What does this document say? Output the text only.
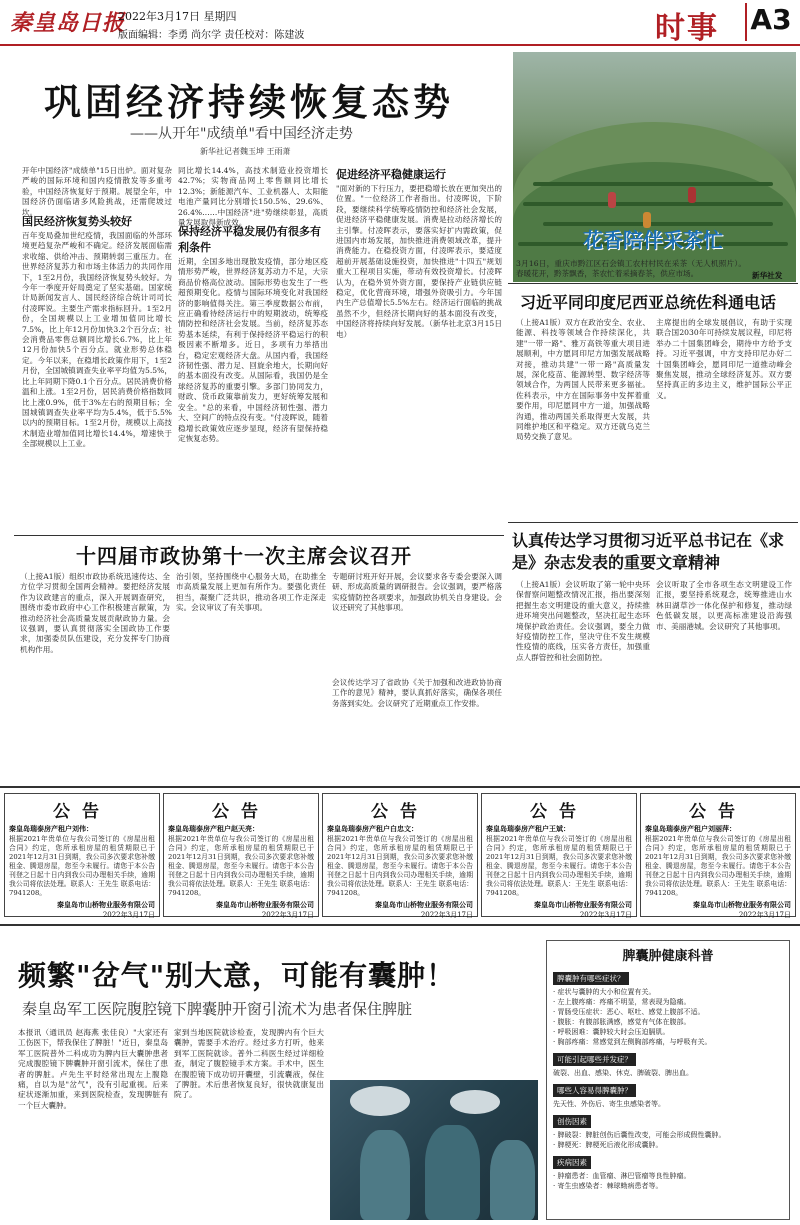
秦皇岛日报
2022年3月17日 星期四
版面编辑：李勇 尚尔学 责任校对：陈建波	时事 A3
巩固经济持续恢复态势
——从开年"成绩单"看中国经济走势
新华社记者魏玉坤 王雨萧
开年中国经济"成绩单"15日出炉。面对复杂严峻的国际环境和国内疫情散发等多重考验，中国经济恢复好于预期。展望全年，中国经济仍面临诸多风险挑战，还需爬坡过坎。
国民经济恢复势头较好
百年变局叠加世纪疫情，我国面临的外部环境更趋复杂严峻和不确定。经济发展面临需求收缩、供给冲击、预期转弱三重压力。在世界经济复苏力和市场主体活力的共同作用下，1至2月份，我国经济恢复势头较好。为今年一季度开好局奠定了坚实基础。国家统计局新闻发言人、国民经济综合统计司司长付凌晖说。主要生产需求指标回升。1至2月份，全国规模以上工业增加值同比增长7.5%，比上年12月份加快3.2个百分点；社会消费品零售总额同比增长6.7%，比上年12月份加快5个百分点。就业形势总体稳定。今年以来，在稳增长政策作用下，1至2月份，全国城镇调查失业率平均值为5.5%，比上年同期下降0.1个百分点。居民消费价格温和上涨。1至2月份，居民消费价格指数同比上涨0.9%，低于3%左右的预期目标；全国城镇调查失业率平均为5.4%，低于5.5%以内的预期目标。1至2月份，规模以上高技术制造业增加值同比增长14.4%，增速快于全部规模以上工业。
同比增长14.4%，高技术制造业投资增长42.7%；实物商品网上零售额同比增长12.3%；新能源汽车、工业机器人、太阳能电池产量同比分别增长150.5%、29.6%、26.4%……中国经济"进"势继续彰显，高质量发展取得新成效。
保持经济平稳发展仍有很多有利条件
近期，全国多地出现散发疫情，部分地区疫情形势严峻，世界经济复苏动力不足，大宗商品价格高位波动。国际形势也发生了一些超预期变化。疫情与国际环境变化对我国经济的影响值得关注。第三季度数据公布前，应正确看待经济运行中的短期波动，统筹疫情防控和经济社会发展。当前，经济复苏态势基本延续，有利于保持经济平稳运行的积极因素不断增多。近日，多项有力举措出台，稳定宏观经济大盘。从国内看，我国经济韧性强、潜力足、回旋余地大，长期向好的基本面没有改变。从国际看，我国仍是全球经济复苏的重要引擎。多部门协同发力，财政、货币政策靠前发力，更好统筹发展和安全。"总的来看，中国经济韧性强、潜力大、空间广的特点没有变。"付凌晖说，随着稳增长政策效应逐步显现，经济有望保持稳定恢复态势。
促进经济平稳健康运行
"面对新的下行压力，要把稳增长放在更加突出的位置。"一位经济工作者指出。付凌晖说，下阶段，要继续科学统筹疫情防控和经济社会发展，促进经济平稳健康发展。消费是拉动经济增长的主引擎。付凌晖表示，要落实好扩内需政策，促进国内市场发展，加快推进消费领域改革，提升消费能力。在稳投资方面，付凌晖表示，要适度超前开展基础设施投资，加快推进"十四五"规划重大工程项目实施，带动有效投资增长。付凌晖认为，在稳外贸外资方面，要保持产业链供应链稳定，优化营商环境，增强外资吸引力。今年国内生产总值增长5.5%左右。经济运行面临的挑战虽然不少，但经济长期向好的基本面没有改变，中国经济将持续向好发展。（新华社北京3月15日电）
花香陪伴采茶忙
3月16日，重庆市黔江区石会镇工农村村民在采茶（无人机照片）。春暖花开，黔茶飘香，茶农忙着采摘春茶，供应市场。	新华社发
习近平同印度尼西亚总统佐科通电话
（上接A1版）双方在政治安全、农业、能源、科技等领域合作持续深化，共建"一带一路"、雅万高铁等重大项目进展顺利，中方愿同印尼方加强发展战略对接，推动共建"一带一路"高质量发展，深化疫苗、能源转型、数字经济等领域合作，为两国人民带来更多福祉。佐科表示，中方在国际事务中发挥着重要作用，印尼愿同中方一道，加强战略沟通，推动两国关系取得更大发展，共同维护地区和平稳定。双方还就乌克兰局势交换了意见。
主席提出的全球发展倡议，有助于实现联合国2030年可持续发展议程，印尼将举办二十国集团峰会，期待中方给予支持。习近平强调，中方支持印尼办好二十国集团峰会，愿同印尼一道推动峰会聚焦发展，推动全球经济复苏。双方要坚持真正的多边主义，维护国际公平正义。
认真传达学习贯彻习近平总书记在《求是》杂志发表的重要文章精神
（上接A1版）会议听取了第一轮中央环保督察问题整改情况汇报，指出要深刻把握生态文明建设的重大意义，持续推进环境突出问题整改，坚决扛起生态环境保护政治责任。会议强调，要全力做好疫情防控工作，坚决守住不发生规模性疫情的底线，压实各方责任，加强重点人群管控和社会面防控。
会议听取了全市各项生态文明建设工作汇报，要坚持系统观念，统筹推进山水林田湖草沙一体化保护和修复，推动绿色低碳发展，以更高标准建设沿海强市、美丽港城。会议研究了其他事项。
十四届市政协第十一次主席会议召开
（上接A1版）组织市政协系统迅速传达、全方位学习贯彻全国两会精神。要把经济发展作为议政建言的重点，深入开展调查研究，围绕市委市政府中心工作积极建言献策，为推动经济社会高质量发展贡献政协力量。会议强调，要认真贯彻落实全国政协工作要求，加强委员队伍建设，充分发挥专门协商机构作用。
治引领，坚持围绕中心服务大局，在助推全市高质量发展上更加有所作为。要强化责任担当，凝聚广泛共识，推动各项工作走深走实。会议审议了有关事项。
专题研讨班开好开展，会议要求各专委会要深入调研、形成高质量的调研报告。会议强调，要严格落实疫情防控各项要求，加强政协机关自身建设。会议还研究了其他事项。
会议传达学习了省政协《关于加强和改进政协协商工作的意见》精神，要认真抓好落实，确保各项任务落到实处。会议研究了近期重点工作安排。
公告
秦皇岛瑞泰房产租户刘伟：
根据2021年贵单位与我公司签订的《房屋出租合同》约定，您所承租房屋的租赁期限已于2021年12月31日到期，我公司多次要求您补缴租金、腾退房屋，您至今未履行。请您于本公告刊登之日起十日内到我公司办理相关手续，逾期我公司将依法处理。联系人：王先生 联系电话：7941208。
秦皇岛市山桥物业服务有限公司
2022年3月17日
公告
秦皇岛瑞泰房产租户赵天亮：
根据2021年贵单位与我公司签订的《房屋出租合同》约定，您所承租房屋的租赁期限已于2021年12月31日到期，我公司多次要求您补缴租金、腾退房屋，您至今未履行。请您于本公告刊登之日起十日内到我公司办理相关手续，逾期我公司将依法处理。联系人：王先生 联系电话：7941208。
秦皇岛市山桥物业服务有限公司
2022年3月17日
公告
秦皇岛瑞泰房产租户白忠文：
根据2021年贵单位与我公司签订的《房屋出租合同》约定，您所承租房屋的租赁期限已于2021年12月31日到期，我公司多次要求您补缴租金、腾退房屋，您至今未履行。请您于本公告刊登之日起十日内到我公司办理相关手续，逾期我公司将依法处理。联系人：王先生 联系电话：7941208。
秦皇岛市山桥物业服务有限公司
2022年3月17日
公告
秦皇岛瑞泰房产租户王斌：
根据2021年贵单位与我公司签订的《房屋出租合同》约定，您所承租房屋的租赁期限已于2021年12月31日到期，我公司多次要求您补缴租金、腾退房屋，您至今未履行。请您于本公告刊登之日起十日内到我公司办理相关手续，逾期我公司将依法处理。联系人：王先生 联系电话：7941208。
秦皇岛市山桥物业服务有限公司
2022年3月17日
公告
秦皇岛瑞泰房产租户刘丽萍：
根据2021年贵单位与我公司签订的《房屋出租合同》约定，您所承租房屋的租赁期限已于2021年12月31日到期，我公司多次要求您补缴租金、腾退房屋，您至今未履行。请您于本公告刊登之日起十日内到我公司办理相关手续，逾期我公司将依法处理。联系人：王先生 联系电话：7941208。
秦皇岛市山桥物业服务有限公司
2022年3月17日
频繁"岔气"别大意，可能有囊肿！
秦皇岛军工医院腹腔镜下脾囊肿开窗引流术为患者保住脾脏
本报讯（通讯员 赵海燕 张佳良）"大家还有工伤医下，帮我保住了脾脏！"近日，秦皇岛军工医院普外二科成功为脾内巨大囊肿患者完成腹腔镜下脾囊肿开窗引流术，保住了患者的脾脏。卢先生平时经常出现左上腹隐痛，自以为是"岔气"，没有引起重视。后来症状逐渐加重，来到医院检查，发现脾脏有一个巨大囊肿。
家到当地医院就诊检查，发现脾内有个巨大囊肿，需要手术治疗。经过多方打听，他来到军工医院就诊。普外二科医生经过详细检查，制定了腹腔镜手术方案。手术中，医生在腹腔镜下成功切开囊壁，引流囊液，保住了脾脏。术后患者恢复良好，很快就康复出院了。
脾囊肿健康科普
脾囊肿有哪些症状？
· 症状与囊肿的大小和位置有关。
· 左上腹疼痛：疼痛不明显，常表现为隐痛。
· 胃肠受压症状：恶心、呕吐、感觉上腹部不适。
· 腹胀：有腹部胀满感，感觉有气体在腹部。
· 呼吸困难：囊肿较大时会压迫膈肌。
· 胸部疼痛：常感觉到左侧胸部疼痛，与呼吸有关。
可能引起哪些并发症？
破裂、出血、感染、休克、脾破裂、脾出血。
哪些人容易得脾囊肿？
先天性、外伤后、寄生虫感染者等。
创伤因素
· 脾破裂：脾脏创伤后囊性改变，可能会形成假性囊肿。
· 脾梗死：脾梗死后液化形成囊肿。
疾病因素
· 肿瘤患者：血管瘤、淋巴管瘤等良性肿瘤。
· 寄生虫感染者：棘球蚴病患者等。
